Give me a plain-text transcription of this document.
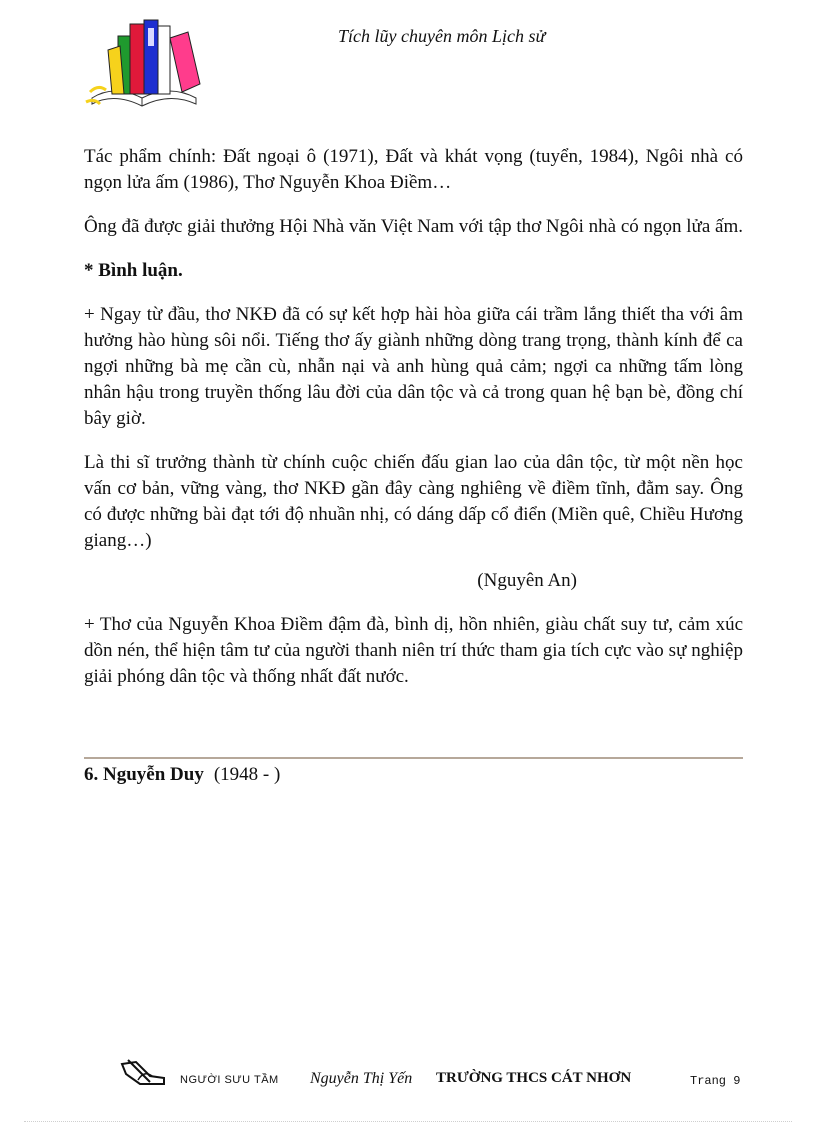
Tích lũy chuyên môn Lịch sử

Tác phẩm chính: Đất ngoại ô (1971), Đất và khát vọng (tuyển, 1984), Ngôi nhà có ngọn lửa ấm (1986), Thơ Nguyễn Khoa Điềm…

Ông đã được giải thưởng Hội Nhà văn Việt Nam với tập thơ Ngôi nhà có ngọn lửa ấm.

* Bình luận.

+ Ngay từ đầu, thơ NKĐ đã có sự kết hợp hài hòa giữa cái trầm lắng thiết tha với âm hưởng hào hùng sôi nổi. Tiếng thơ ấy giành những dòng trang trọng, thành kính để ca ngợi những bà mẹ cần cù, nhẫn nại và anh hùng quả cảm; ngợi ca những tấm lòng nhân hậu trong truyền thống lâu đời của dân tộc và cả trong quan hệ bạn bè, đồng chí bây giờ.

Là thi sĩ trưởng thành từ chính cuộc chiến đấu gian lao của dân tộc, từ một nền học vấn cơ bản, vững vàng, thơ NKĐ gần đây càng nghiêng về điềm tĩnh, đằm say. Ông có được những bài đạt tới độ nhuần nhị, có dáng dấp cổ điển (Miền quê, Chiều Hương giang…)

(Nguyên An)

+ Thơ của Nguyễn Khoa Điềm đậm đà, bình dị, hồn nhiên, giàu chất suy tư, cảm xúc dồn nén, thể hiện tâm tư của người thanh niên trí thức tham gia tích cực vào sự nghiệp giải phóng dân tộc và thống nhất đất nước.

6. Nguyễn Duy (1948 - )
NGƯỜI SƯU TẦM Nguyễn Thị Yến TRƯỜNG THCS CÁT NHƠN	Trang 9
